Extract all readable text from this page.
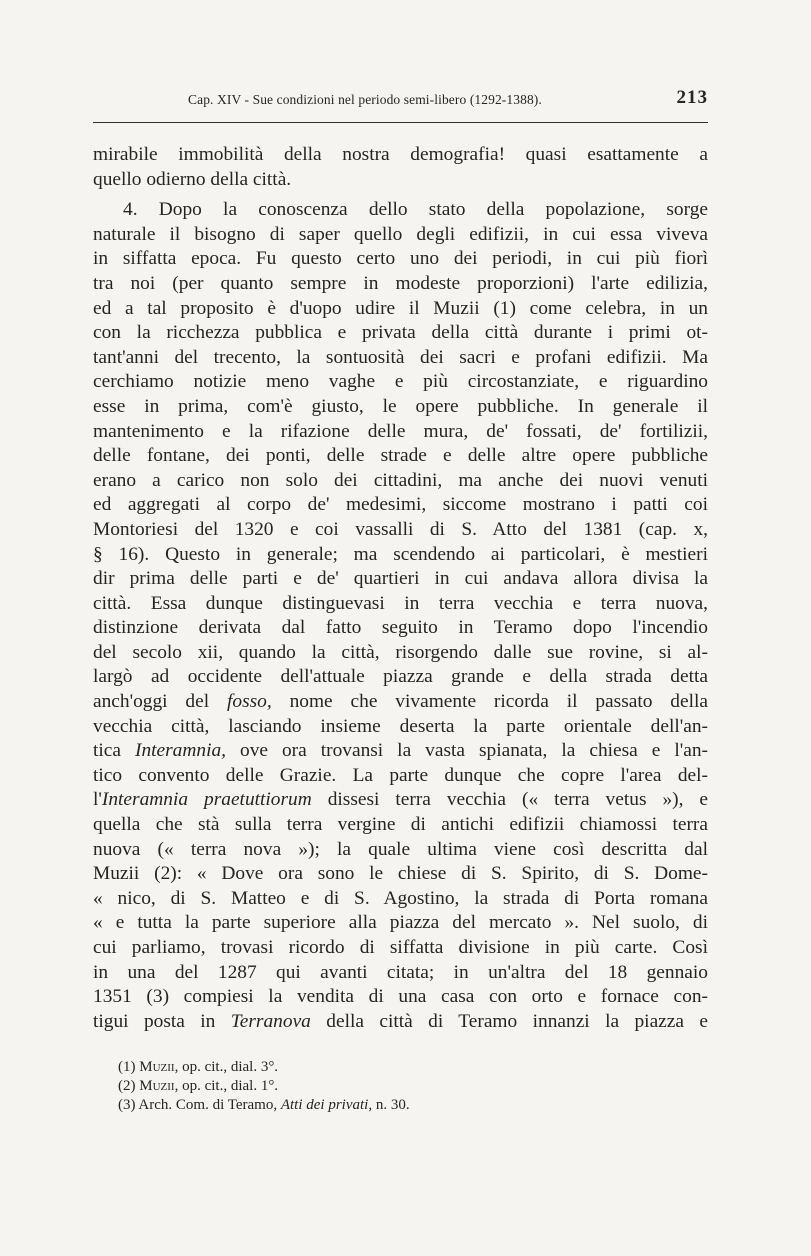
Cap. XIV - Sue condizioni nel periodo semi-libero (1292-1388).	213
mirabile immobilità della nostra demografia! quasi esattamente a
quello odierno della città.
4. Dopo la conoscenza dello stato della popolazione, sorge
naturale il bisogno di saper quello degli edifizii, in cui essa viveva
in siffatta epoca. Fu questo certo uno dei periodi, in cui più fiorì
tra noi (per quanto sempre in modeste proporzioni) l'arte edilizia,
ed a tal proposito è d'uopo udire il Muzii (1) come celebra, in un
con la ricchezza pubblica e privata della città durante i primi ot-
tant'anni del trecento, la sontuosità dei sacri e profani edifizii. Ma
cerchiamo notizie meno vaghe e più circostanziate, e riguardino
esse in prima, com'è giusto, le opere pubbliche. In generale il
mantenimento e la rifazione delle mura, de' fossati, de' fortilizii,
delle fontane, dei ponti, delle strade e delle altre opere pubbliche
erano a carico non solo dei cittadini, ma anche dei nuovi venuti
ed aggregati al corpo de' medesimi, siccome mostrano i patti coi
Montoriesi del 1320 e coi vassalli di S. Atto del 1381 (cap. x,
§ 16). Questo in generale; ma scendendo ai particolari, è mestieri
dir prima delle parti e de' quartieri in cui andava allora divisa la
città. Essa dunque distinguevasi in terra vecchia e terra nuova,
distinzione derivata dal fatto seguito in Teramo dopo l'incendio
del secolo xii, quando la città, risorgendo dalle sue rovine, si al-
largò ad occidente dell'attuale piazza grande e della strada detta
anch'oggi del fosso, nome che vivamente ricorda il passato della
vecchia città, lasciando insieme deserta la parte orientale dell'an-
tica Interamnia, ove ora trovansi la vasta spianata, la chiesa e l'an-
tico convento delle Grazie. La parte dunque che copre l'area del-
l'Interamnia praetuttiorum dissesi terra vecchia (« terra vetus »), e
quella che stà sulla terra vergine di antichi edifizii chiamossi terra
nuova (« terra nova »); la quale ultima viene così descritta dal
Muzii (2): « Dove ora sono le chiese di S. Spirito, di S. Dome-
« nico, di S. Matteo e di S. Agostino, la strada di Porta romana
« e tutta la parte superiore alla piazza del mercato ». Nel suolo, di
cui parliamo, trovasi ricordo di siffatta divisione in più carte. Così
in una del 1287 qui avanti citata; in un'altra del 18 gennaio
1351 (3) compiesi la vendita di una casa con orto e fornace con-
tigui posta in Terranova della città di Teramo innanzi la piazza e
(1) Muzii, op. cit., dial. 3°.
(2) Muzii, op. cit., dial. 1°.
(3) Arch. Com. di Teramo, Atti dei privati, n. 30.
